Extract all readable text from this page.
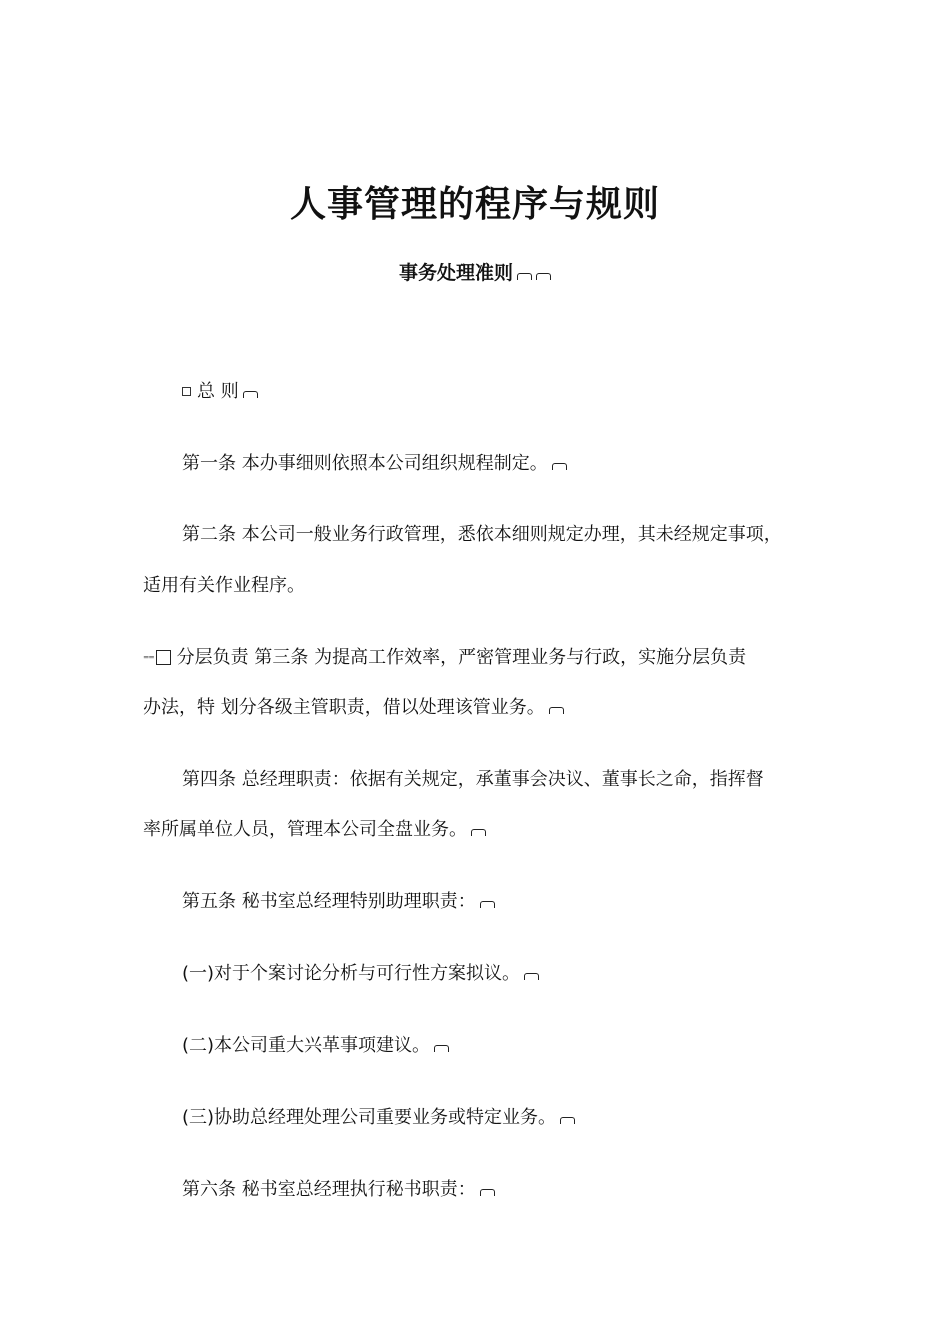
人事管理的程序与规则
事务处理准则

总 则

第一条 本办事细则依照本公司组织规程制定。

第二条 本公司一般业务行政管理，悉依本细则规定办理，其未经规定事项，

适用有关作业程序。

⁼⁼ 分层负责 第三条 为提高工作效率，严密管理业务与行政，实施分层负责

办法，特 划分各级主管职责，借以处理该管业务。

第四条 总经理职责：依据有关规定，承董事会决议、董事长之命，指挥督

率所属单位人员，管理本公司全盘业务。

第五条 秘书室总经理特别助理职责：

(一)对于个案讨论分析与可行性方案拟议。

(二)本公司重大兴革事项建议。

(三)协助总经理处理公司重要业务或特定业务。

第六条 秘书室总经理执行秘书职责：
